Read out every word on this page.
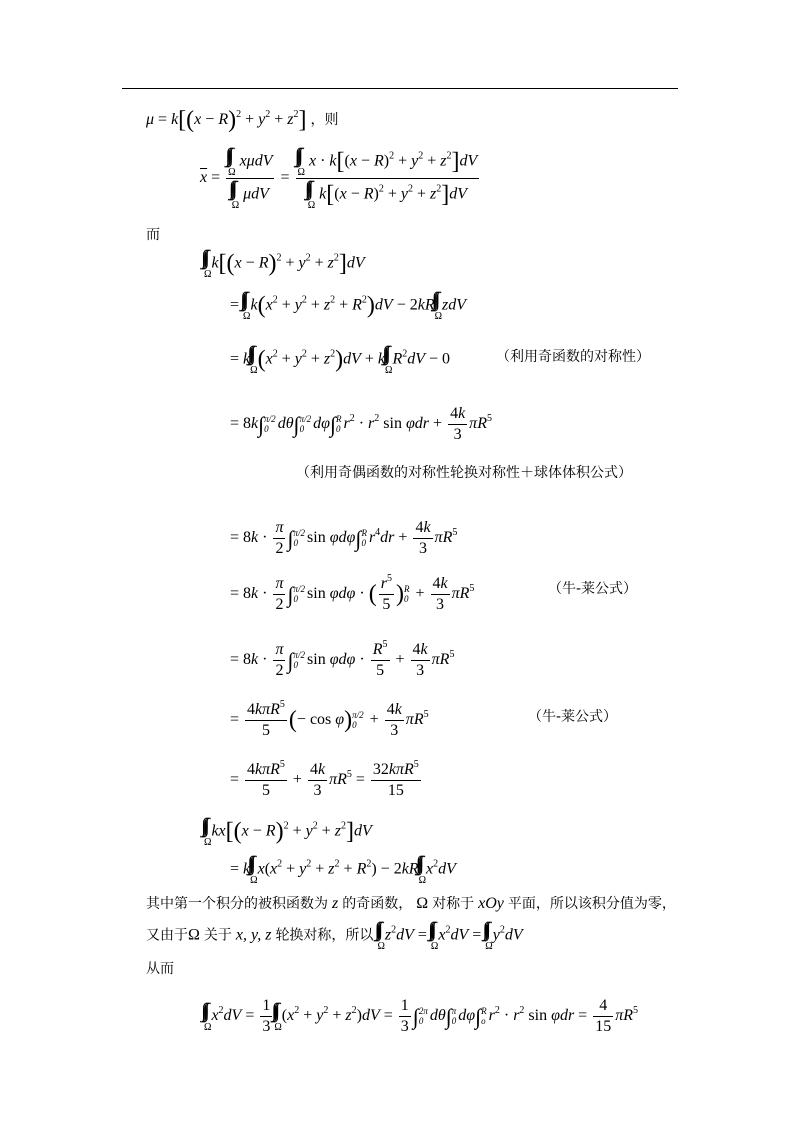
$\mu = k[(x - R)^2 + y^2 + z^2]$ ，则
$\overline{x} = \Omega$
xμdV
Ω
μdV = Ω
$x \cdot k[(x - R)^2 + y^2 + z^2]dV$
Ω
$k[(x - R)^2 + y^2 + z^2]dV$
而
Ω
$k[(x - R)^2 + y^2 + z^2]dV$
=
Ω
$k(x^2 + y^2 + z^2 + R^2)dV - 2kR$
Ω
zdV
= k
Ω $(x^2 + y^2 + z^2)dV + k$
Ω
$R^2dV - 0$	（利用奇函数的对称性）
= 8k∫ π/2
0 dθ∫ π/2
0 dφ∫ R
0 $r^2 \cdot r^2$ $\sin \varphi dr + \frac{4k}{3} \pi R^5$
（利用奇偶函数的对称性轮换对称性＋球体体积公式）
= $8k \cdot \frac{\pi}{2}$ ∫ π/2
0 sin φdφ∫ R
0 $r^4dr + \frac{4k}{3} \pi R^5$
= $8k \cdot \frac{\pi}{2}$ ∫ π/2
0 sin φdφ · ( $\frac{r^5}{5}$ ) R
$0 + \frac{4k}{3} \pi R^5$	（牛-莱公式）
= $8k \cdot \frac{\pi}{2}$ ∫ π/2
0 $\sin \varphi d\varphi \cdot \frac{R^5}{5} + \frac{4k}{3} \pi R^5$
= $\frac{4k\pi R^5}{5}$ (− cos φ) π/2
$0 + \frac{4k}{3} \pi R^5$	（牛-莱公式）
= $\frac{4k\pi R^5}{5} + \frac{4k}{3} \pi R^5 = \frac{32k\pi R^5}{15}$
Ω
$kx[(x - R)^2 + y^2 + z^2]dV$
= k
Ω
$x(x^2 + y^2 + z^2 + R^2) - 2kR$
Ω
$x^2dV$
其中第一个积分的被积函数为 z 的奇函数， Ω 对称于 xOy 平面，所以该积分值为零，
又由于Ω 关于 x, y, z 轮换对称，所以
Ω
$z^2dV$ =
Ω
$x^2dV$ =
Ω
$y^2dV$
从而
Ω
$x^2dV = \frac{1}{3}$ Ω
$(x^2 + y^2 + z^2)dV = \frac{1}{3}$ ∫ 2π
0 dθ∫ π
0 dφ∫ R
o $r^2 \cdot r^2$ $\sin \varphi dr = \frac{4}{15} \pi R^5$
